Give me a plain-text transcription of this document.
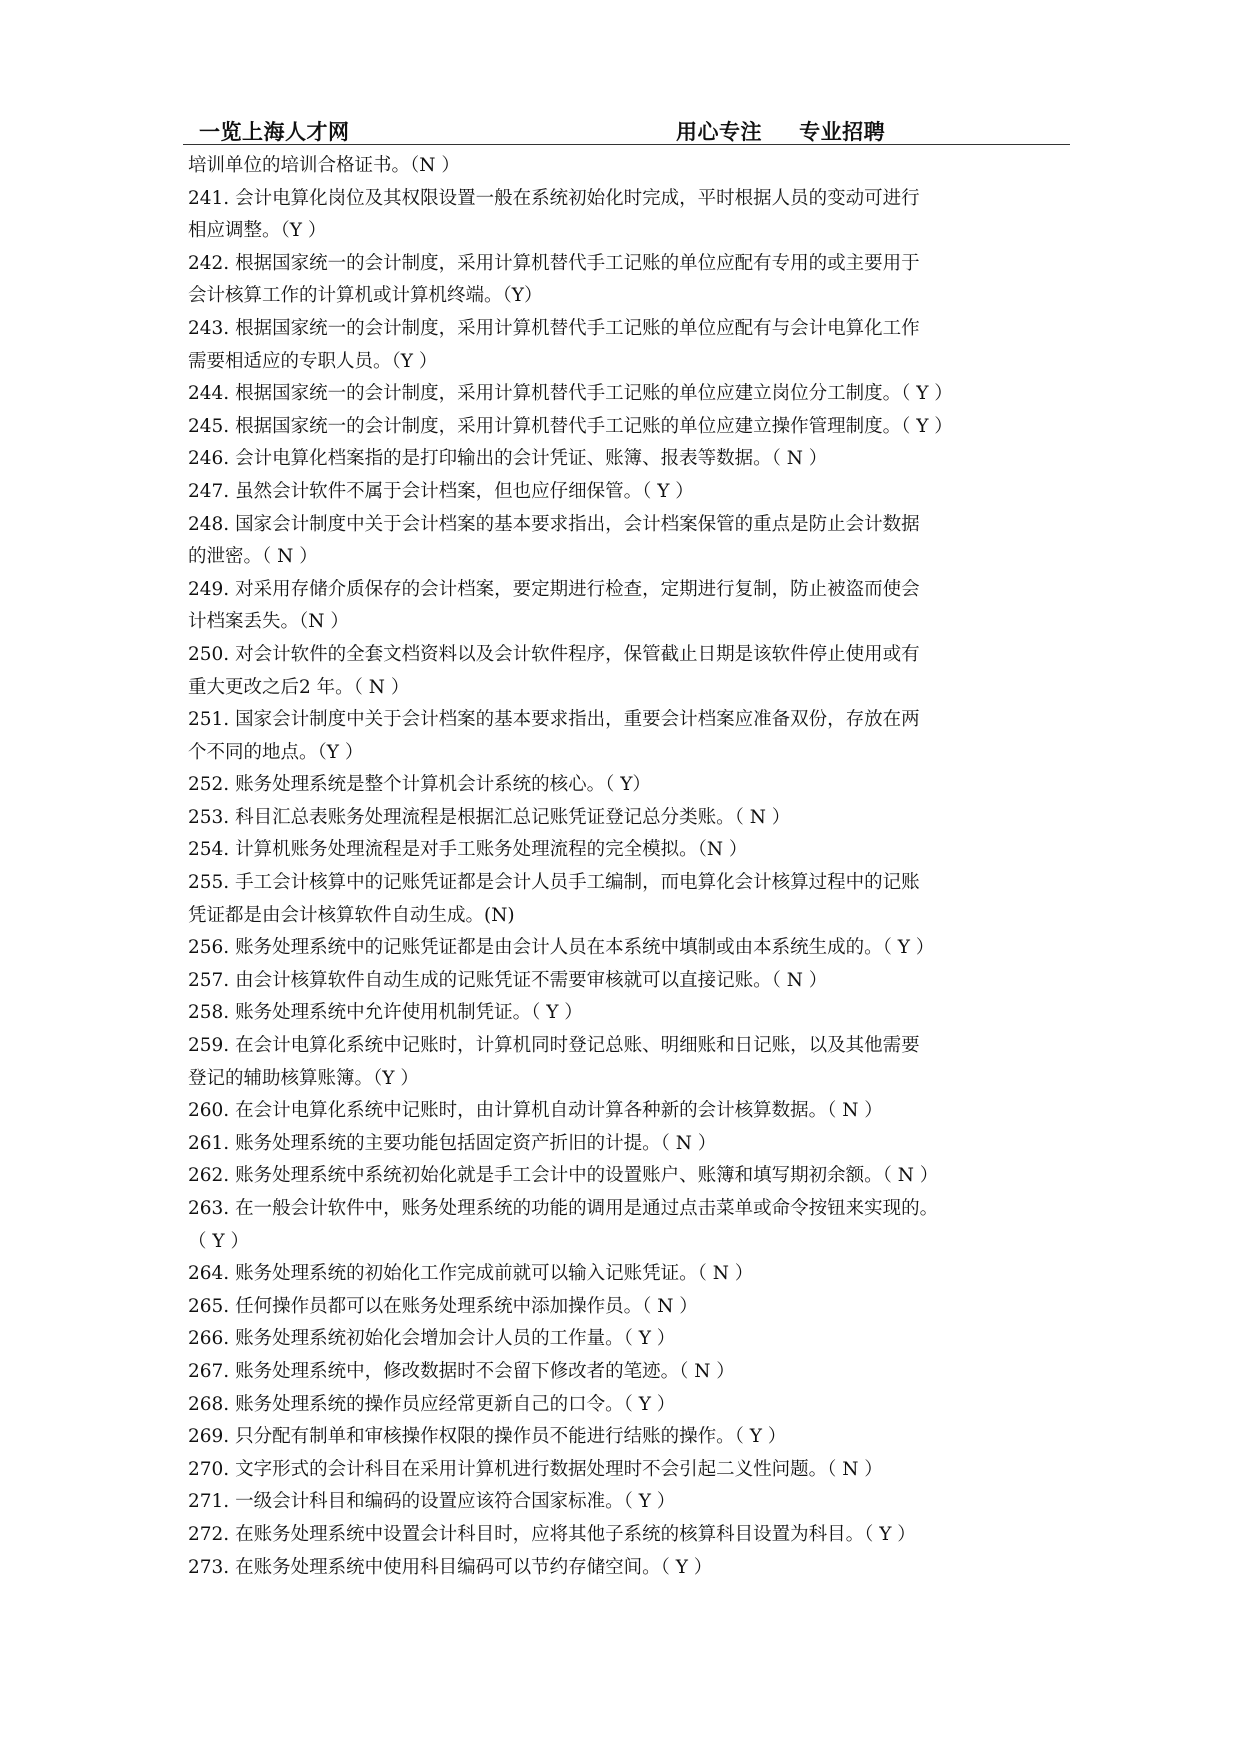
一览上海人才网	用心专注　  专业招聘
培训单位的培训合格证书。（N ）
241. 会计电算化岗位及其权限设置一般在系统初始化时完成，平时根据人员的变动可进行
相应调整。（Y ）
242. 根据国家统一的会计制度，采用计算机替代手工记账的单位应配有专用的或主要用于
会计核算工作的计算机或计算机终端。（Y）
243. 根据国家统一的会计制度，采用计算机替代手工记账的单位应配有与会计电算化工作
需要相适应的专职人员。（Y ）
244. 根据国家统一的会计制度，采用计算机替代手工记账的单位应建立岗位分工制度。（ Y ）
245. 根据国家统一的会计制度，采用计算机替代手工记账的单位应建立操作管理制度。（ Y ）
246. 会计电算化档案指的是打印输出的会计凭证、账簿、报表等数据。（ N ）
247. 虽然会计软件不属于会计档案，但也应仔细保管。（ Y ）
248. 国家会计制度中关于会计档案的基本要求指出，会计档案保管的重点是防止会计数据
的泄密。（ N ）
249. 对采用存储介质保存的会计档案，要定期进行检查，定期进行复制，防止被盗而使会
计档案丢失。（N ）
250. 对会计软件的全套文档资料以及会计软件程序，保管截止日期是该软件停止使用或有
重大更改之后2 年。（ N ）
251. 国家会计制度中关于会计档案的基本要求指出，重要会计档案应准备双份，存放在两
个不同的地点。（Y ）
252. 账务处理系统是整个计算机会计系统的核心。（ Y）
253. 科目汇总表账务处理流程是根据汇总记账凭证登记总分类账。（ N ）
254. 计算机账务处理流程是对手工账务处理流程的完全模拟。（N ）
255. 手工会计核算中的记账凭证都是会计人员手工编制，而电算化会计核算过程中的记账
凭证都是由会计核算软件自动生成。(N)
256. 账务处理系统中的记账凭证都是由会计人员在本系统中填制或由本系统生成的。（ Y ）
257. 由会计核算软件自动生成的记账凭证不需要审核就可以直接记账。（ N ）
258. 账务处理系统中允许使用机制凭证。（ Y ）
259. 在会计电算化系统中记账时，计算机同时登记总账、明细账和日记账，以及其他需要
登记的辅助核算账簿。（Y ）
260. 在会计电算化系统中记账时，由计算机自动计算各种新的会计核算数据。（ N ）
261. 账务处理系统的主要功能包括固定资产折旧的计提。（ N ）
262. 账务处理系统中系统初始化就是手工会计中的设置账户、账簿和填写期初余额。（ N ）
263. 在一般会计软件中，账务处理系统的功能的调用是通过点击菜单或命令按钮来实现的。
（ Y ）
264. 账务处理系统的初始化工作完成前就可以输入记账凭证。（ N ）
265. 任何操作员都可以在账务处理系统中添加操作员。（ N ）
266. 账务处理系统初始化会增加会计人员的工作量。（ Y ）
267. 账务处理系统中，修改数据时不会留下修改者的笔迹。（ N ）
268. 账务处理系统的操作员应经常更新自己的口令。（ Y ）
269. 只分配有制单和审核操作权限的操作员不能进行结账的操作。（ Y ）
270. 文字形式的会计科目在采用计算机进行数据处理时不会引起二义性问题。（ N ）
271. 一级会计科目和编码的设置应该符合国家标准。（ Y ）
272. 在账务处理系统中设置会计科目时，应将其他子系统的核算科目设置为科目。（ Y ）
273. 在账务处理系统中使用科目编码可以节约存储空间。（ Y ）
